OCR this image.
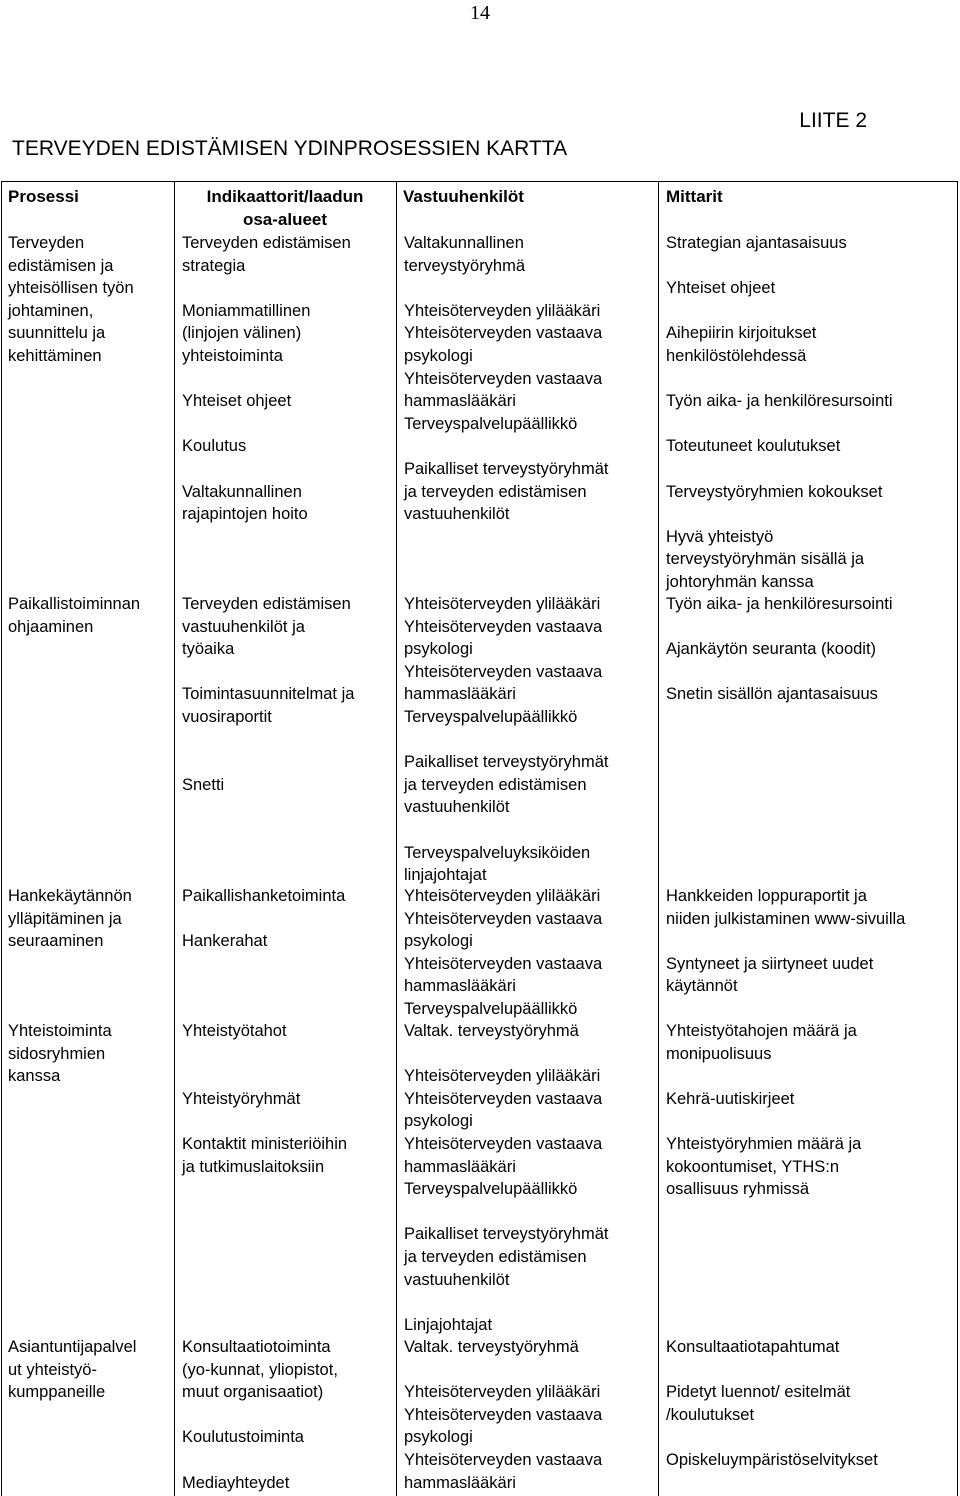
14
LIITE 2
TERVEYDEN EDISTÄMISEN YDINPROSESSIEN KARTTA
Prosessi	Indikaattorit/laadun
osa-alueet
Vastuuhenkilöt	Mittarit
Terveyden
edistämisen ja
yhteisöllisen työn
johtaminen,
suunnittelu ja
kehittäminen
Terveyden edistämisen
strategia
Moniammatillinen
(linjojen välinen)
yhteistoiminta
Yhteiset ohjeet
Koulutus
Valtakunnallinen
rajapintojen hoito
Valtakunnallinen
terveystyöryhmä
Yhteisöterveyden ylilääkäri
Yhteisöterveyden vastaava
psykologi
Yhteisöterveyden vastaava
hammaslääkäri
Terveyspalvelupäällikkö
Paikalliset terveystyöryhmät
ja terveyden edistämisen
vastuuhenkilöt
Strategian ajantasaisuus
Yhteiset ohjeet
Aihepiirin kirjoitukset
henkilöstölehdessä
Työn aika- ja henkilöresursointi
Toteutuneet koulutukset
Terveystyöryhmien kokoukset
Hyvä yhteistyö
terveystyöryhmän sisällä ja
johtoryhmän kanssa
Paikallistoiminnan
ohjaaminen
Terveyden edistämisen
vastuuhenkilöt ja
työaika
Toimintasuunnitelmat ja
vuosiraportit
Snetti
Yhteisöterveyden ylilääkäri
Yhteisöterveyden vastaava
psykologi
Yhteisöterveyden vastaava
hammaslääkäri
Terveyspalvelupäällikkö
Paikalliset terveystyöryhmät
ja terveyden edistämisen
vastuuhenkilöt
Terveyspalveluyksiköiden
linjajohtajat
Työn aika- ja henkilöresursointi
Ajankäytön seuranta (koodit)
Snetin sisällön ajantasaisuus
Hankekäytännön
ylläpitäminen ja
seuraaminen
Paikallishanketoiminta
Hankerahat
Yhteisöterveyden ylilääkäri
Yhteisöterveyden vastaava
psykologi
Yhteisöterveyden vastaava
hammaslääkäri
Terveyspalvelupäällikkö
Hankkeiden loppuraportit ja
niiden julkistaminen www-sivuilla
Syntyneet ja siirtyneet uudet
käytännöt
Yhteistoiminta
sidosryhmien
kanssa
Yhteistyötahot
Yhteistyöryhmät
Kontaktit ministeriöihin
ja tutkimuslaitoksiin
Valtak. terveystyöryhmä
Yhteisöterveyden ylilääkäri
Yhteisöterveyden vastaava
psykologi
Yhteisöterveyden vastaava
hammaslääkäri
Terveyspalvelupäällikkö
Paikalliset terveystyöryhmät
ja terveyden edistämisen
vastuuhenkilöt
Linjajohtajat
Yhteistyötahojen määrä ja
monipuolisuus
Kehrä-uutiskirjeet
Yhteistyöryhmien määrä ja
kokoontumiset, YTHS:n
osallisuus ryhmissä
Asiantuntijapalvel
ut yhteistyö-
kumppaneille
Konsultaatiotoiminta
(yo-kunnat, yliopistot,
muut organisaatiot)
Koulutustoiminta
Mediayhteydet
Valtak. terveystyöryhmä
Yhteisöterveyden ylilääkäri
Yhteisöterveyden vastaava
psykologi
Yhteisöterveyden vastaava
hammaslääkäri
Konsultaatiotapahtumat
Pidetyt luennot/ esitelmät
/koulutukset
Opiskeluympäristöselvitykset
